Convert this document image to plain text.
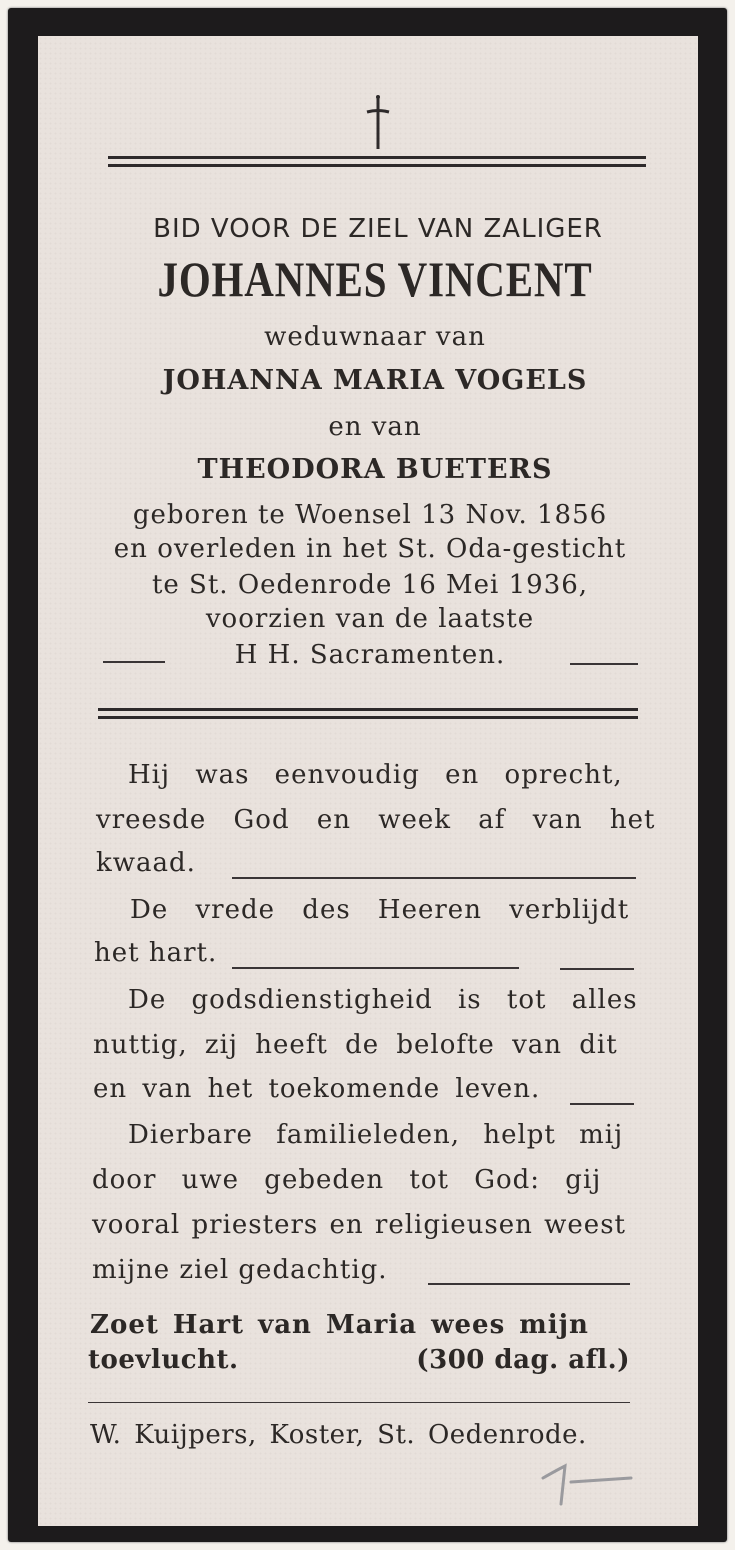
BID VOOR DE ZIEL VAN ZALIGER
JOHANNES VINCENT
weduwnaar van
JOHANNA MARIA VOGELS
en van
THEODORA BUETERS
geboren te Woensel 13 Nov. 1856
en overleden in het St. Oda-gesticht
te St. Oedenrode 16 Mei 1936,
voorzien van de laatste
H H. Sacramenten.
Hij was eenvoudig en oprecht,
vreesde God en week af van het
kwaad.
De vrede des Heeren verblijdt
het hart.
De godsdienstigheid is tot alles
nuttig, zij heeft de belofte van dit
en van het toekomende leven.
Dierbare familieleden, helpt mij
door uwe gebeden tot God: gij
vooral priesters en religieusen weest
mijne ziel gedachtig.
Zoet Hart van Maria wees mijn
toevlucht.	(300 dag. afl.)
W. Kuijpers, Koster, St. Oedenrode.
